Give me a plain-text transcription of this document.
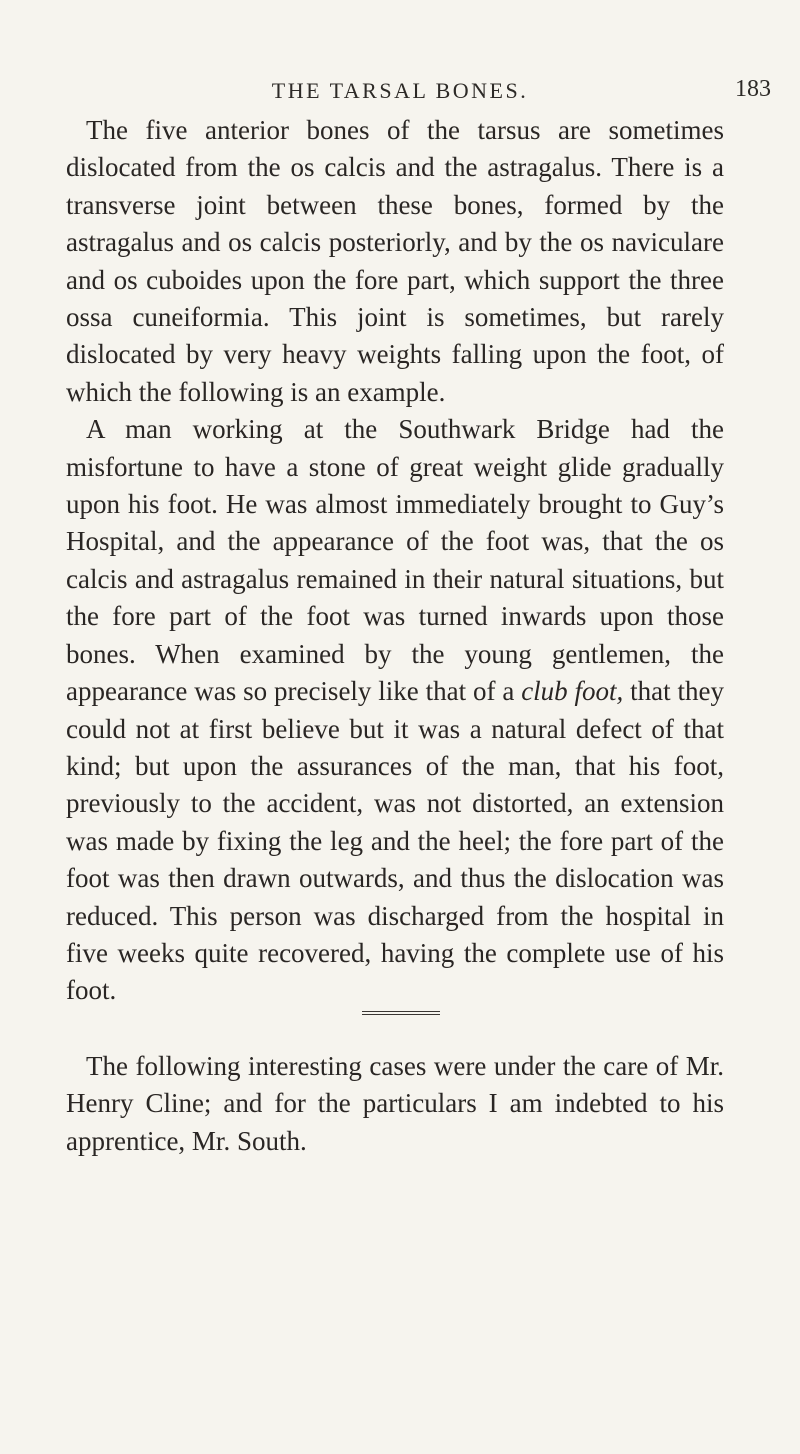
THE TARSAL BONES.	183

The five anterior bones of the tarsus are sometimes dislocated from the os calcis and the astragalus. There is a transverse joint between these bones, formed by the astragalus and os calcis posteriorly, and by the os naviculare and os cuboides upon the fore part, which support the three ossa cuneiformia. This joint is sometimes, but rarely dislocated by very heavy weights falling upon the foot, of which the following is an example.

A man working at the Southwark Bridge had the misfortune to have a stone of great weight glide gradually upon his foot. He was almost immediately brought to Guy’s Hospital, and the appearance of the foot was, that the os calcis and astragalus remained in their natural situations, but the fore part of the foot was turned inwards upon those bones. When examined by the young gentlemen, the appearance was so precisely like that of a club foot, that they could not at first believe but it was a natural defect of that kind; but upon the assurances of the man, that his foot, previously to the accident, was not distorted, an extension was made by fixing the leg and the heel; the fore part of the foot was then drawn outwards, and thus the dislocation was reduced. This person was discharged from the hospital in five weeks quite recovered, having the complete use of his foot.

The following interesting cases were under the care of Mr. Henry Cline; and for the particulars I am indebted to his apprentice, Mr. South.
